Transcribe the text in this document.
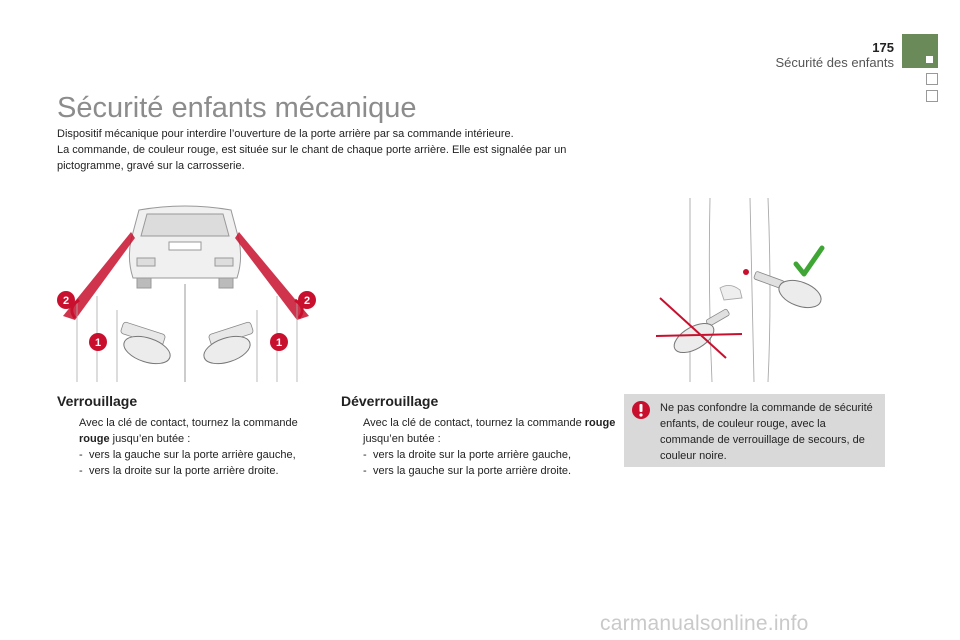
175
Sécurité des enfants
Sécurité enfants mécanique

Dispositif mécanique pour interdire l’ouverture de la porte arrière par sa commande intérieure.

La commande, de couleur rouge, est située sur le chant de chaque porte arrière. Elle est signalée par un pictogramme, gravé sur la carrosserie.

2	2
1	1
Verrouillage
Avec la clé de contact, tournez la commande rouge jusqu’en butée :
- vers la gauche sur la porte arrière gauche,
- vers la droite sur la porte arrière droite.
Déverrouillage
Avec la clé de contact, tournez la commande rouge jusqu’en butée :
- vers la droite sur la porte arrière gauche,
- vers la gauche sur la porte arrière droite.
Ne pas confondre la commande de sécurité enfants, de couleur rouge, avec la commande de verrouillage de secours, de couleur noire.
carmanualsonline.info
